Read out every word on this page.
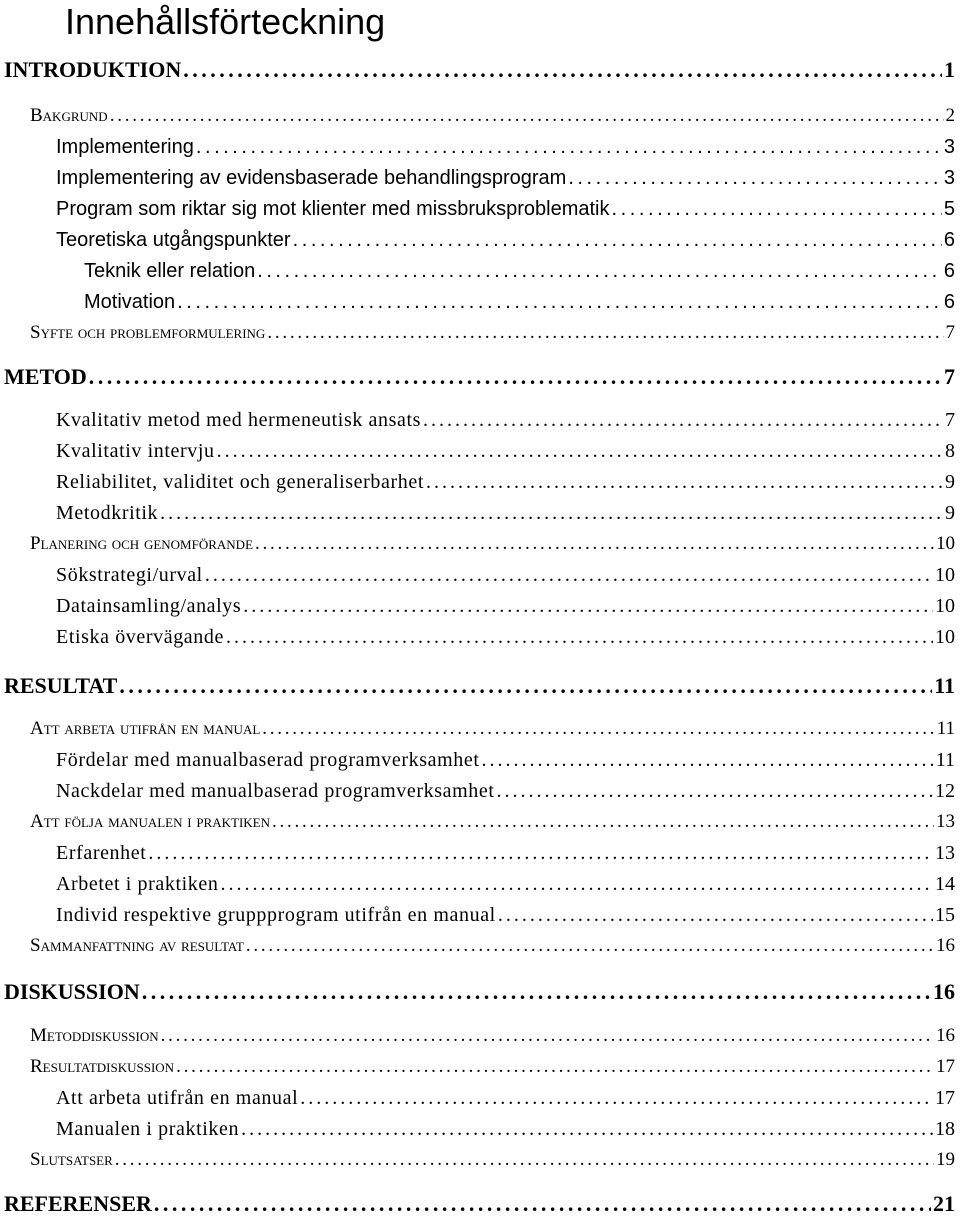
Innehållsförteckning
INTRODUKTION . . .	1
Bakgrund . . .	2
Implementering . . .	3
Implementering av evidensbaserade behandlingsprogram . . .	3
Program som riktar sig mot klienter med missbruksproblematik . . .	5
Teoretiska utgångspunkter . . .	6
Teknik eller relation . . .	6
Motivation . . .	6
Syfte och problemformulering . . .	7
METOD . . .	7
Kvalitativ metod med hermeneutisk ansats . . .	7
Kvalitativ intervju . . .	8
Reliabilitet, validitet och generaliserbarhet . . .	9
Metodkritik . . .	9
Planering och genomförande . . .	10
Sökstrategi/urval . . .	10
Datainsamling/analys . . .	10
Etiska övervägande . . .	10
RESULTAT . . .	11
Att arbeta utifrån en manual . . .	11
Fördelar med manualbaserad programverksamhet . . .	11
Nackdelar med manualbaserad programverksamhet . . .	12
Att följa manualen i praktiken . . .	13
Erfarenhet . . .	13
Arbetet i praktiken . . .	14
Individ respektive gruppprogram utifrån en manual . . .	15
Sammanfattning av resultat . . .	16
DISKUSSION . . .	16
Metoddiskussion . . .	16
Resultatdiskussion . . .	17
Att arbeta utifrån en manual . . .	17
Manualen i praktiken . . .	18
Slutsatser . . .	19
REFERENSER . . .	21
